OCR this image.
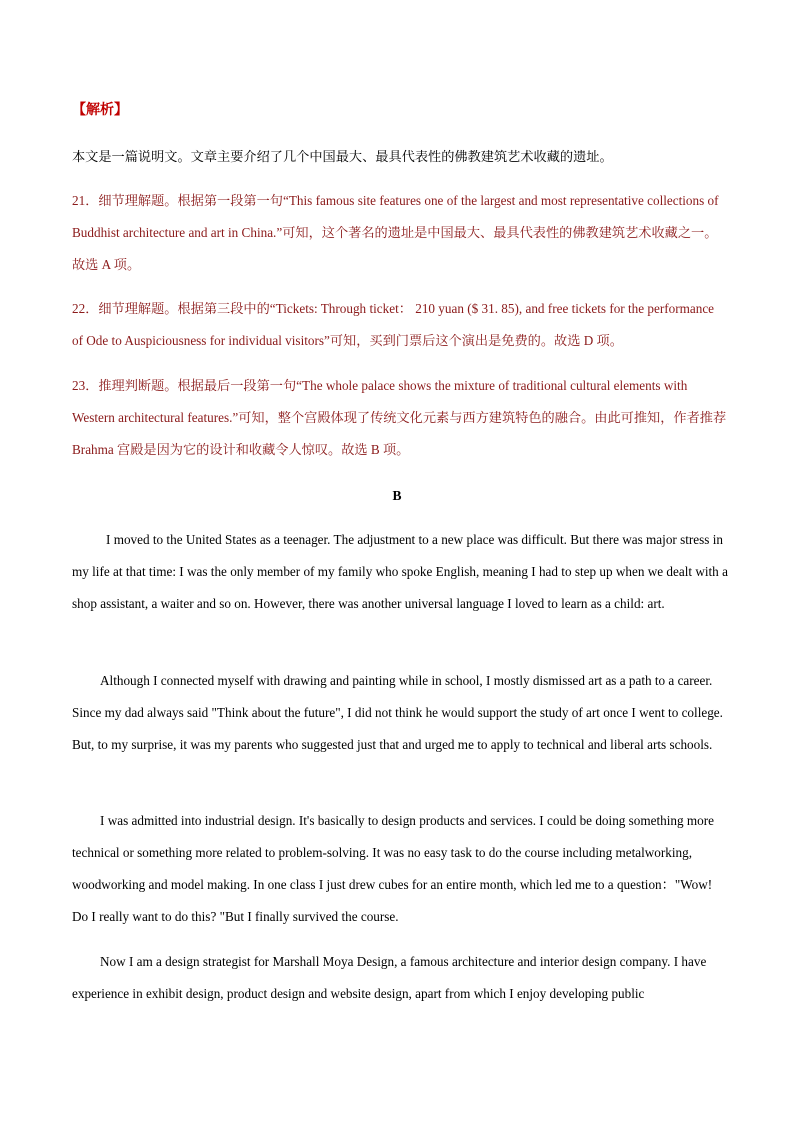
【解析】

本文是一篇说明文。文章主要介绍了几个中国最大、最具代表性的佛教建筑艺术收藏的遗址。

21．细节理解题。根据第一段第一句“This famous site features one of the largest and most representative collections of Buddhist architecture and art in China.”可知，这个著名的遗址是中国最大、最具代表性的佛教建筑艺术收藏之一。故选 A 项。

22．细节理解题。根据第三段中的“Tickets: Through ticket： 210 yuan ($ 31. 85), and free tickets for the performance of Ode to Auspiciousness for individual visitors”可知，买到门票后这个演出是免费的。故选 D 项。

23．推理判断题。根据最后一段第一句“The whole palace shows the mixture of traditional cultural elements with Western architectural features.”可知，整个宫殿体现了传统文化元素与西方建筑特色的融合。由此可推知，作者推荐 Brahma 宫殿是因为它的设计和收藏令人惊叹。故选 B 项。

B

I moved to the United States as a teenager. The adjustment to a new place was difficult. But there was major stress in my life at that time: I was the only member of my family who spoke English, meaning I had to step up when we dealt with a shop assistant, a waiter and so on. However, there was another universal language I loved to learn as a child: art.

Although I connected myself with drawing and painting while in school, I mostly dismissed art as a path to a career. Since my dad always said "Think about the future", I did not think he would support the study of art once I went to college. But, to my surprise, it was my parents who suggested just that and urged me to apply to technical and liberal arts schools.

I was admitted into industrial design. It's basically to design products and services. I could be doing something more technical or something more related to problem-solving. It was no easy task to do the course including metalworking, woodworking and model making. In one class I just drew cubes for an entire month, which led me to a question："Wow! Do I really want to do this? "But I finally survived the course.

Now I am a design strategist for Marshall Moya Design, a famous architecture and interior design company. I have experience in exhibit design, product design and website design, apart from which I enjoy developing public
